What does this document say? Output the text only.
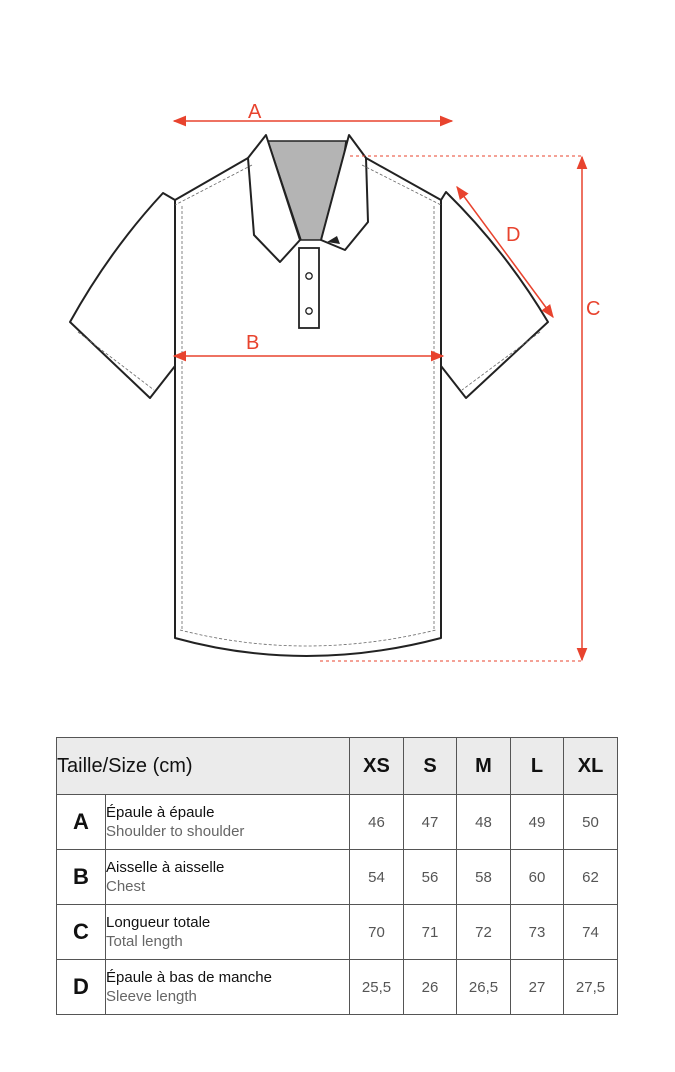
A
B
C
D
Taille/Size (cm)		XS	S	M	L	XL
A	Épaule à épaule
Shoulder to shoulder	46	47	48	49	50
B	Aisselle à aisselle
Chest	54	56	58	60	62
C	Longueur totale
Total length	70	71	72	73	74
D	Épaule à bas de manche
Sleeve length	25,5	26	26,5	27	27,5
